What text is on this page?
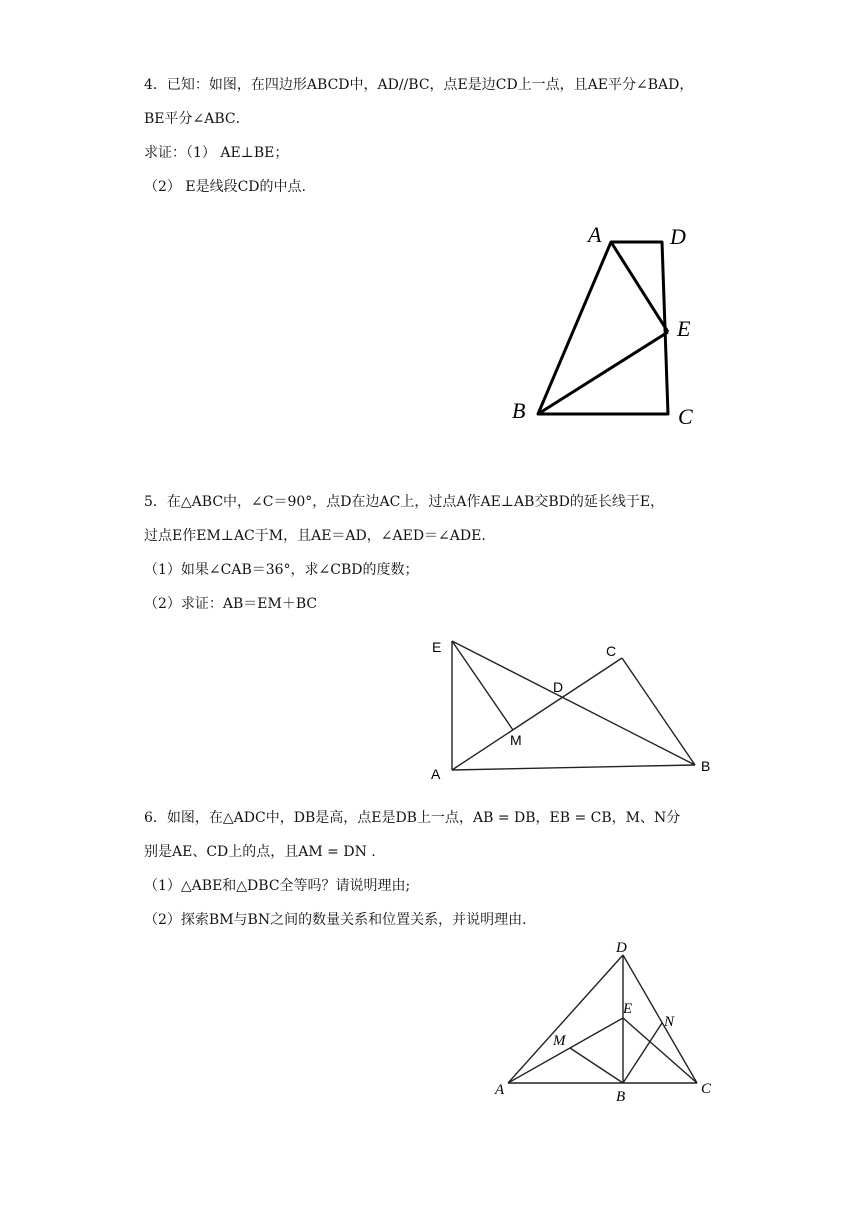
4．已知：如图，在四边形ABCD中，AD//BC，点E是边CD上一点，且AE平分∠BAD，
BE平分∠ABC．
求证：（1） AE⊥BE；
（2） E是线段CD的中点.
A	D
E
B	C
5．在△ABC中，∠C＝90°，点D在边AC上，过点A作AE⊥AB交BD的延长线于E，
过点E作EM⊥AC于M，且AE＝AD，∠AED＝∠ADE.
（1）如果∠CAB＝36°，求∠CBD的度数；
（2）求证：AB＝EM＋BC
E	C
D
M
A	B
6．如图，在△ADC中，DB是高，点E是DB上一点，AB = DB，EB = CB，M、N分
别是AE、CD上的点，且AM = DN .
（1）△ABE和△DBC全等吗？请说明理由;
（2）探索BM与BN之间的数量关系和位置关系，并说明理由.
D
E
N
M
A	B	C
